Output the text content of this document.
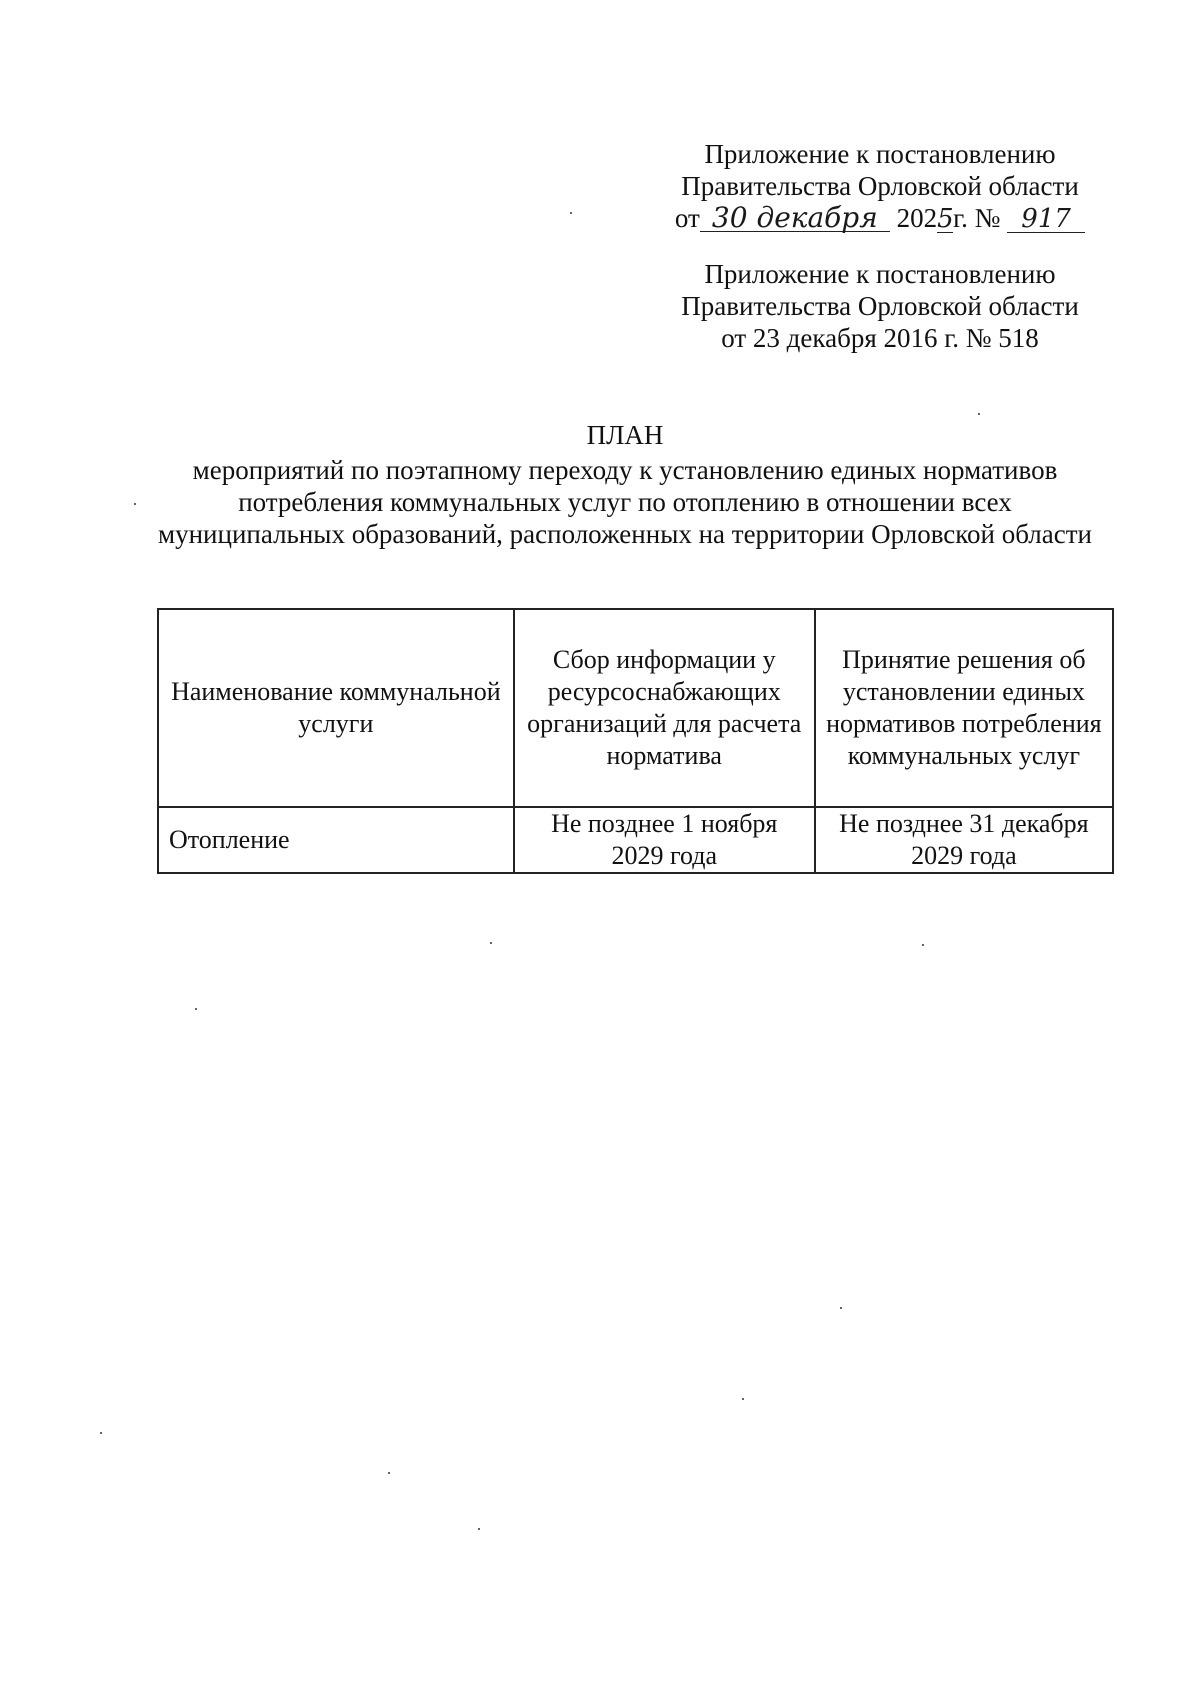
Приложение к постановлению
Правительства Орловской области
от 30 декабря 2025г. № 917
Приложение к постановлению
Правительства Орловской области
от 23 декабря 2016 г. № 518
ПЛАН
мероприятий по поэтапному переходу к установлению единых нормативов потребления коммунальных услуг по отоплению в отношении всех муниципальных образований, расположенных на территории Орловской области
Наименование коммунальной услуги	Сбор информации у ресурсоснабжающих организаций для расчета норматива	Принятие решения об установлении единых нормативов потребления коммунальных услуг

Отопление	Не позднее 1 ноября 2029 года	Не позднее 31 декабря 2029 года
